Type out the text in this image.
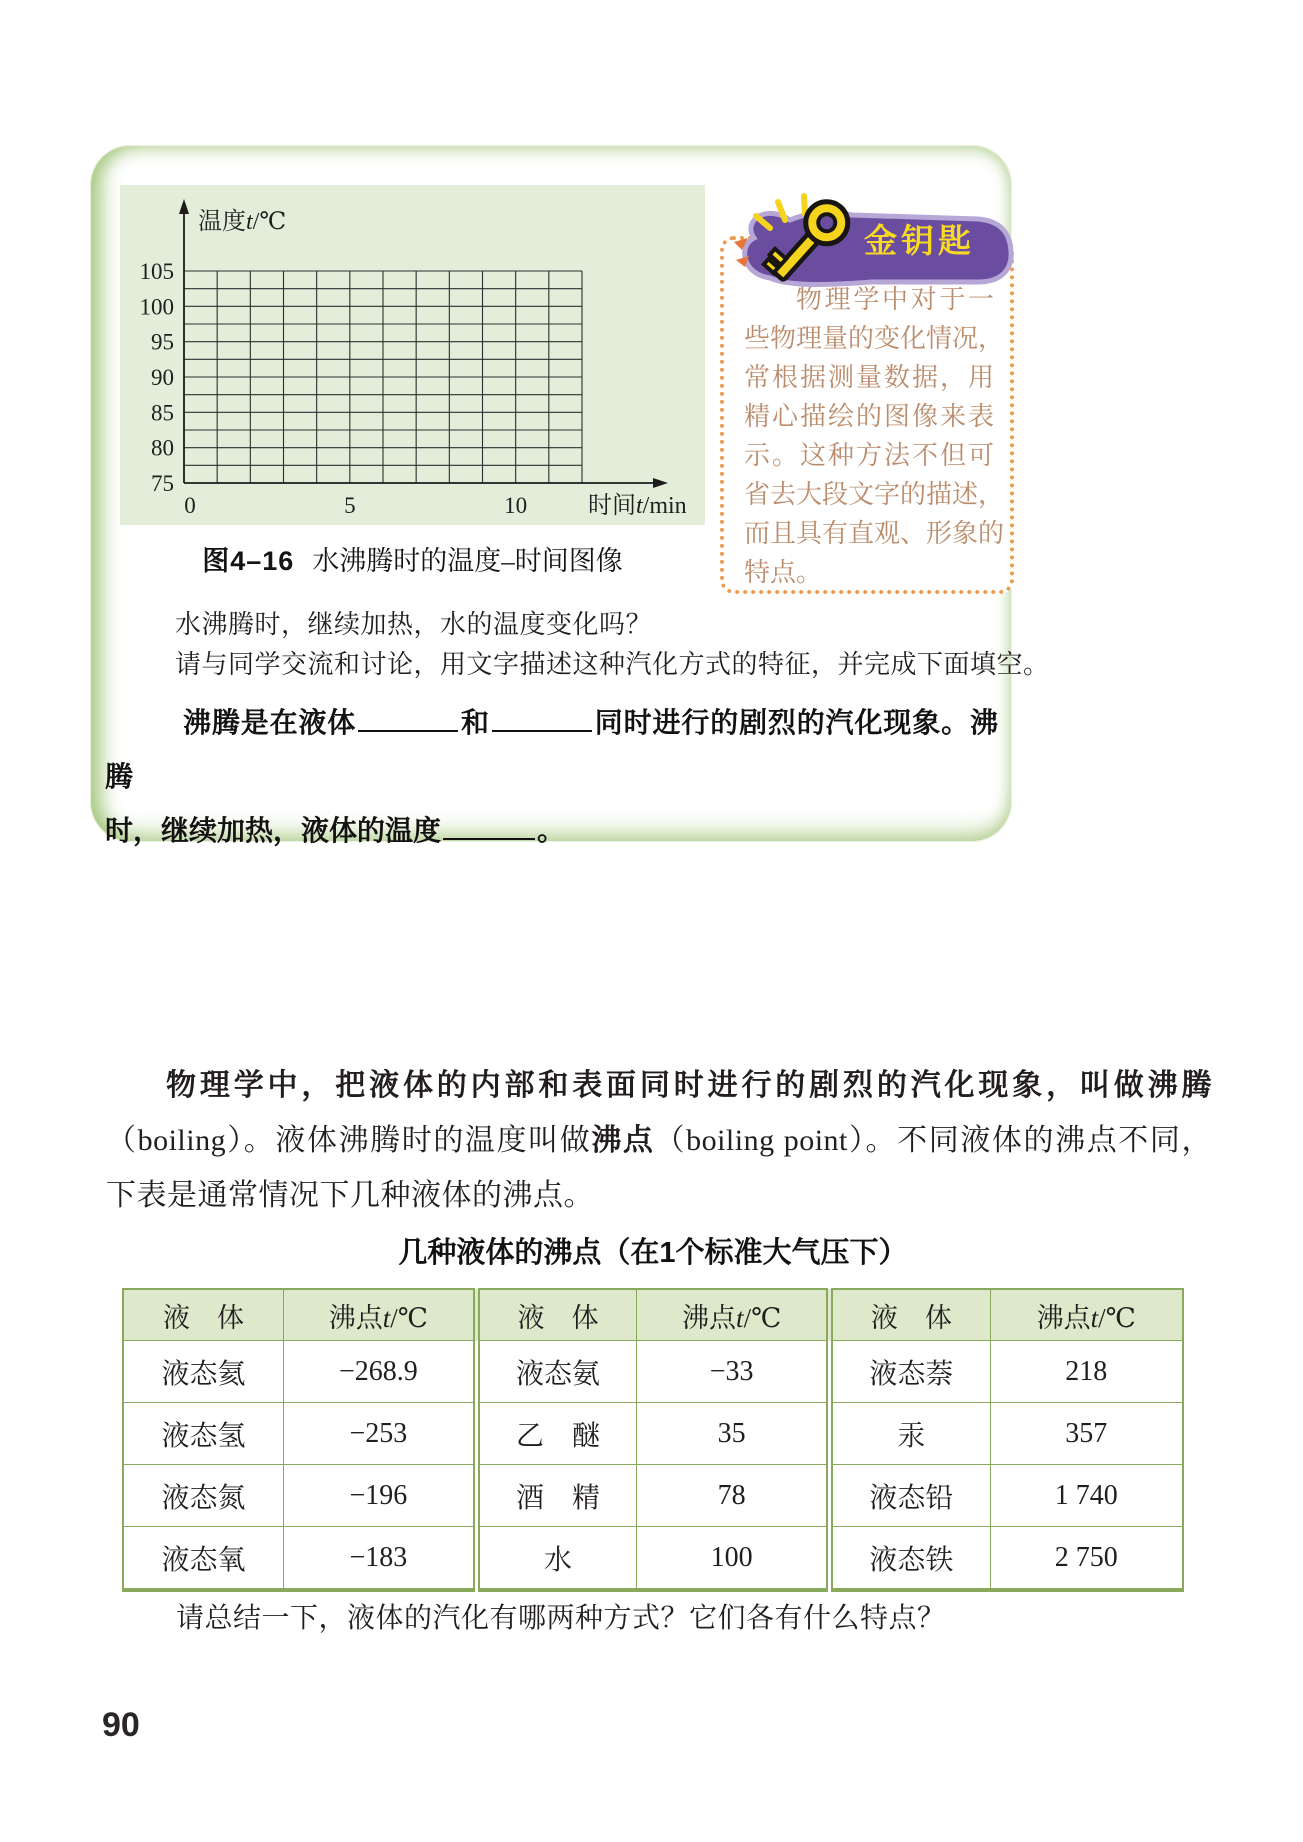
105
100
95
90
85
80
75
0	5	10
温度t/℃
时间t/min
图4–16 水沸腾时的温度–时间图像
水沸腾时，继续加热，水的温度变化吗？
请与同学交流和讨论，用文字描述这种汽化方式的特征，并完成下面填空。
沸腾是在液体	和	同时进行的剧烈的汽化现象。沸腾
时，继续加热，液体的温度	。
金钥匙
物理学中对于一
些物理量的变化情况，
常根据测量数据，用
精心描绘的图像来表
示。这种方法不但可
省去大段文字的描述，
而且具有直观、形象的
特点。
物理学中，把液体的内部和表面同时进行的剧烈的汽化现象，叫做沸腾
（boiling）。液体沸腾时的温度叫做沸点（boiling point）。不同液体的沸点不同，
下表是通常情况下几种液体的沸点。
几种液体的沸点（在1个标准大气压下）
液　体	沸点t/℃	液　体	沸点t/℃	液　体	沸点t/℃
液态氦	−268.9	液态氨	−33	液态萘	218
液态氢	−253	乙　醚	35	汞	357
液态氮	−196	酒　精	78	液态铅	1 740
液态氧	−183	水	100	液态铁	2 750
请总结一下，液体的汽化有哪两种方式？它们各有什么特点？
90
